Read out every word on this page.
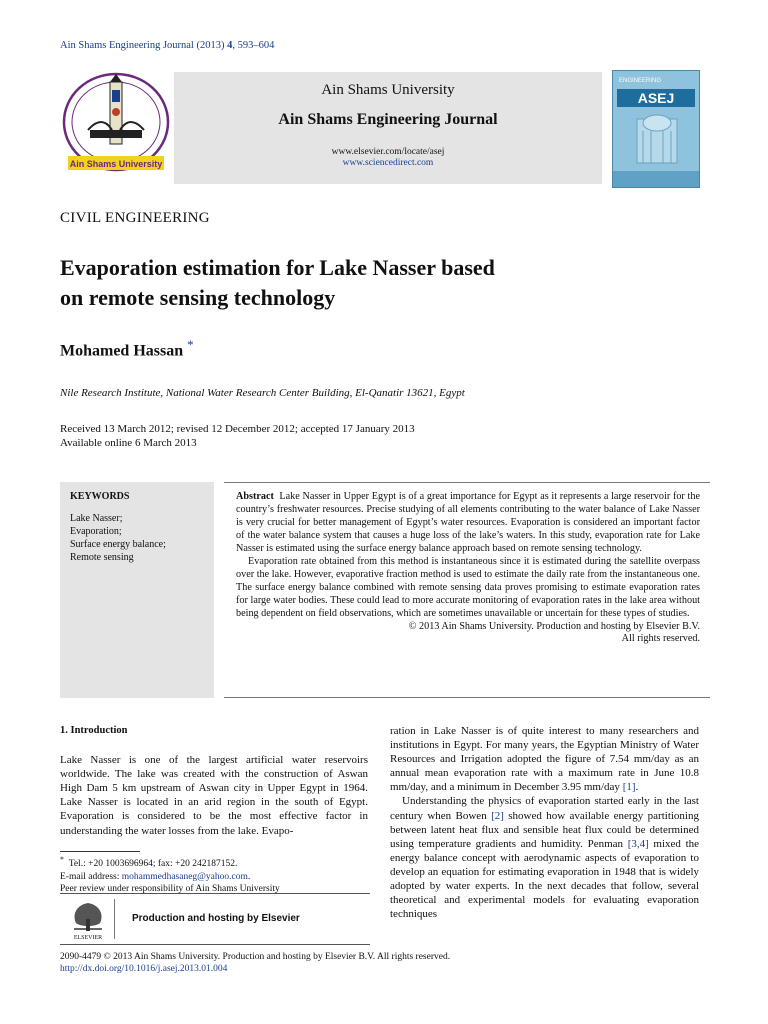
Ain Shams Engineering Journal (2013) 4, 593–604
Ain Shams University
Ain Shams University
Ain Shams Engineering Journal
www.elsevier.com/locate/asej
www.sciencedirect.com
ENGINEERING
ASEJ
CIVIL ENGINEERING
Evaporation estimation for Lake Nasser based
on remote sensing technology
Mohamed Hassan *
Nile Research Institute, National Water Research Center Building, El-Qanatir 13621, Egypt
Received 13 March 2012; revised 12 December 2012; accepted 17 January 2013
Available online 6 March 2013
KEYWORDS
Lake Nasser;
Evaporation;
Surface energy balance;
Remote sensing

Abstract Lake Nasser in Upper Egypt is of a great importance for Egypt as it represents a large reservoir for the country’s freshwater resources. Precise studying of all elements contributing to the water balance of Lake Nasser is very crucial for better management of Egypt’s water resources. Evaporation is considered an important factor of the water balance system that causes a huge loss of the lake’s waters. In this study, evaporation rate for Lake Nasser is estimated using the surface energy balance approach based on remote sensing technology.

Evaporation rate obtained from this method is instantaneous since it is estimated during the satellite overpass over the lake. However, evaporative fraction method is used to estimate the daily rate from the instantaneous one. The surface energy balance combined with remote sensing data proves promising to estimate evaporation rates for large water bodies. These could lead to more accurate monitoring of evaporation rates in the lake area without being dependent on field observations, which are sometimes unavailable or uncertain for these types of studies.

© 2013 Ain Shams University. Production and hosting by Elsevier B.V.

All rights reserved.

1. Introduction

Lake Nasser is one of the largest artificial water reservoirs worldwide. The lake was created with the construction of Aswan High Dam 5 km upstream of Aswan city in Upper Egypt in 1964. Lake Nasser is located in an arid region in the south of Egypt. Evaporation is considered to be the most effective factor in understanding the water losses from the lake. Evapo-

ration in Lake Nasser is of quite interest to many researchers and institutions in Egypt. For many years, the Egyptian Ministry of Water Resources and Irrigation adopted the figure of 7.54 mm/day as an annual mean evaporation rate with a maximum rate in June 10.8 mm/day, and a minimum in December 3.95 mm/day [1].

Understanding the physics of evaporation started early in the last century when Bowen [2] showed how available energy partitioning between latent heat flux and sensible heat flux could be determined using temperature gradients and humidity. Penman [3,4] mixed the energy balance concept with aerodynamic aspects of evaporation to develop an equation for estimating evaporation in 1948 that is widely adopted by water experts. In the next decades that follow, several theoretical and experimental models for evaluating evaporation techniques

* Tel.: +20 1003696964; fax: +20 242187152.
E-mail address: mohammedhasaneg@yahoo.com.
Peer review under responsibility of Ain Shams University
ELSEVIER
Production and hosting by Elsevier
2090-4479 © 2013 Ain Shams University. Production and hosting by Elsevier B.V. All rights reserved.
http://dx.doi.org/10.1016/j.asej.2013.01.004
